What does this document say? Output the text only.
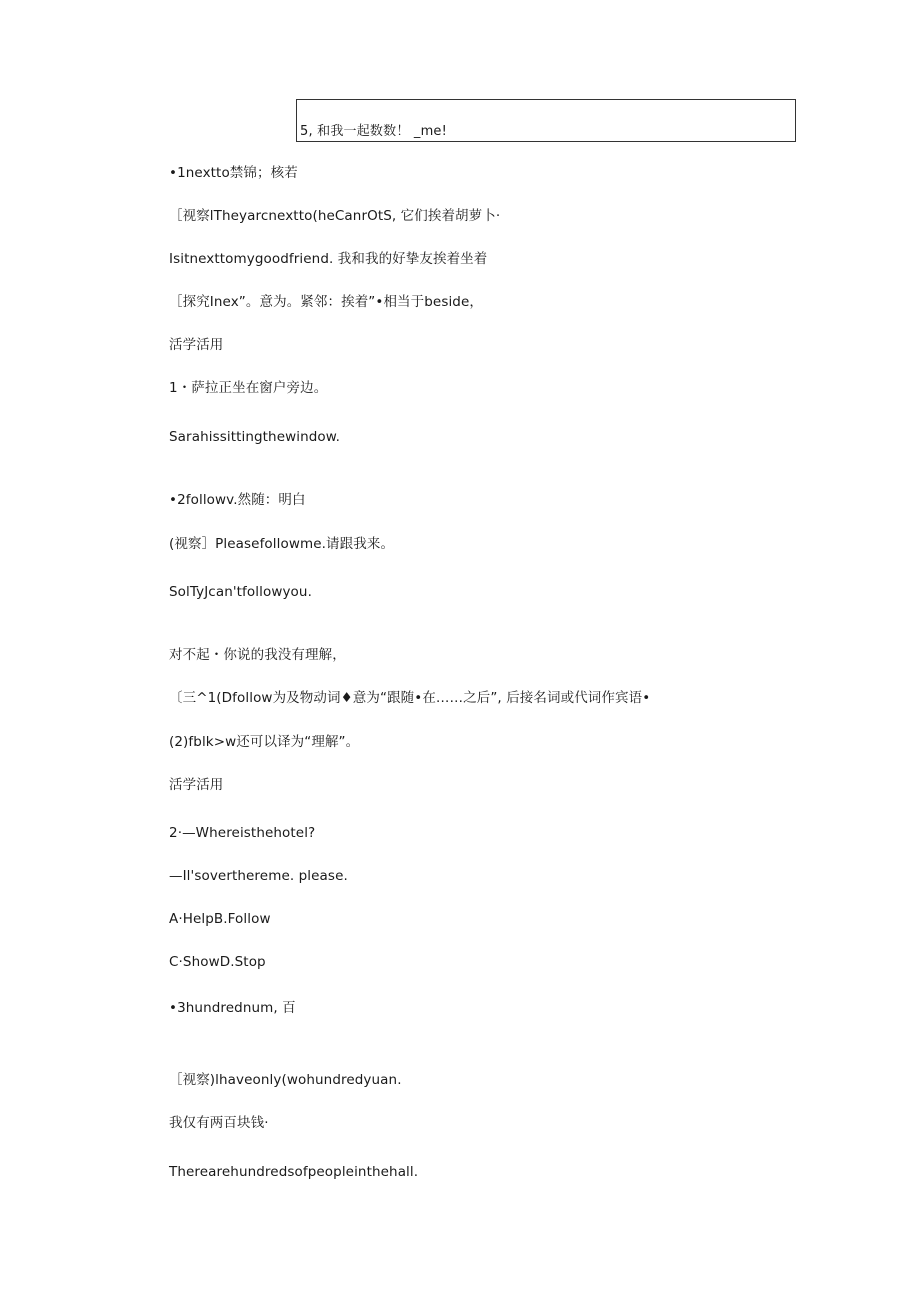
5, 和我一起数数！ _me!
•1nextto禁锦；核若
［视察lTheyarcnextto(heCanrOtS, 它们挨着胡萝卜·
Isitnexttomygoodfriend. 我和我的好挚友挨着坐着
［探究Inex”。意为。紧邻：挨着”•相当于beside，
活学活用
1・萨拉正坐在窗户旁边。
Sarahissittingthewindow.
•2followv.然随：明白
(视察］Pleasefollowme.请跟我来。
SolTyJcan'tfollowyou.
对不起・你说的我没有理解，
〔三^1(Dfollow为及物动词♦意为“跟随•在……之后”, 后接名词或代词作宾语•
(2)fblk>w还可以译为“理解”。
活学活用
2·—Whereisthehotel?
—Il'sovertherem​e. please.
A·HelpB.Follow
C·ShowD.Stop
•3hundrednum, 百
［视察)lhaveonly(wohundredyuan.
我仅有两百块钱·
Therearehundredsofpeopleinthehall.
